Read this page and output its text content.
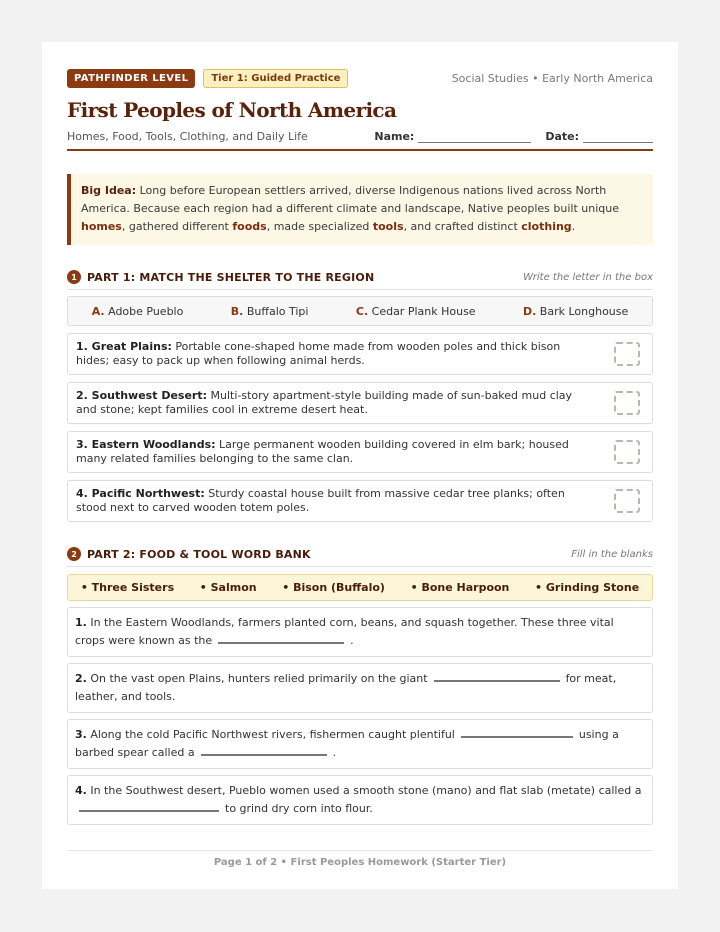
PATHFINDER LEVEL	Tier 1: Guided Practice	Social Studies • Early North America
First Peoples of North America
Homes, Food, Tools, Clothing, and Daily Life	Name:	Date:
Big Idea: Long before European settlers arrived, diverse Indigenous nations lived across North America. Because each region had a different climate and landscape, Native peoples built unique homes, gathered different foods, made specialized tools, and crafted distinct clothing.
1 PART 1: MATCH THE SHELTER TO THE REGION	Write the letter in the box
A. Adobe Pueblo	B. Buffalo Tipi	C. Cedar Plank House	D. Bark Longhouse
1. Great Plains: Portable cone-shaped home made from wooden poles and thick bison hides; easy to pack up when following animal herds.
2. Southwest Desert: Multi-story apartment-style building made of sun-baked mud clay and stone; kept families cool in extreme desert heat.
3. Eastern Woodlands: Large permanent wooden building covered in elm bark; housed many related families belonging to the same clan.
4. Pacific Northwest: Sturdy coastal house built from massive cedar tree planks; often stood next to carved wooden totem poles.
2 PART 2: FOOD & TOOL WORD BANK	Fill in the blanks
• Three Sisters • Salmon • Bison (Buffalo) • Bone Harpoon • Grinding Stone
1. In the Eastern Woodlands, farmers planted corn, beans, and squash together. These three vital crops were known as the	.
2. On the vast open Plains, hunters relied primarily on the giant	for meat, leather, and tools.
3. Along the cold Pacific Northwest rivers, fishermen caught plentiful	using a barbed spear called a	.
4. In the Southwest desert, Pueblo women used a smooth stone (mano) and flat slab (metate) called a
to grind dry corn into flour.
Page 1 of 2 • First Peoples Homework (Starter Tier)
